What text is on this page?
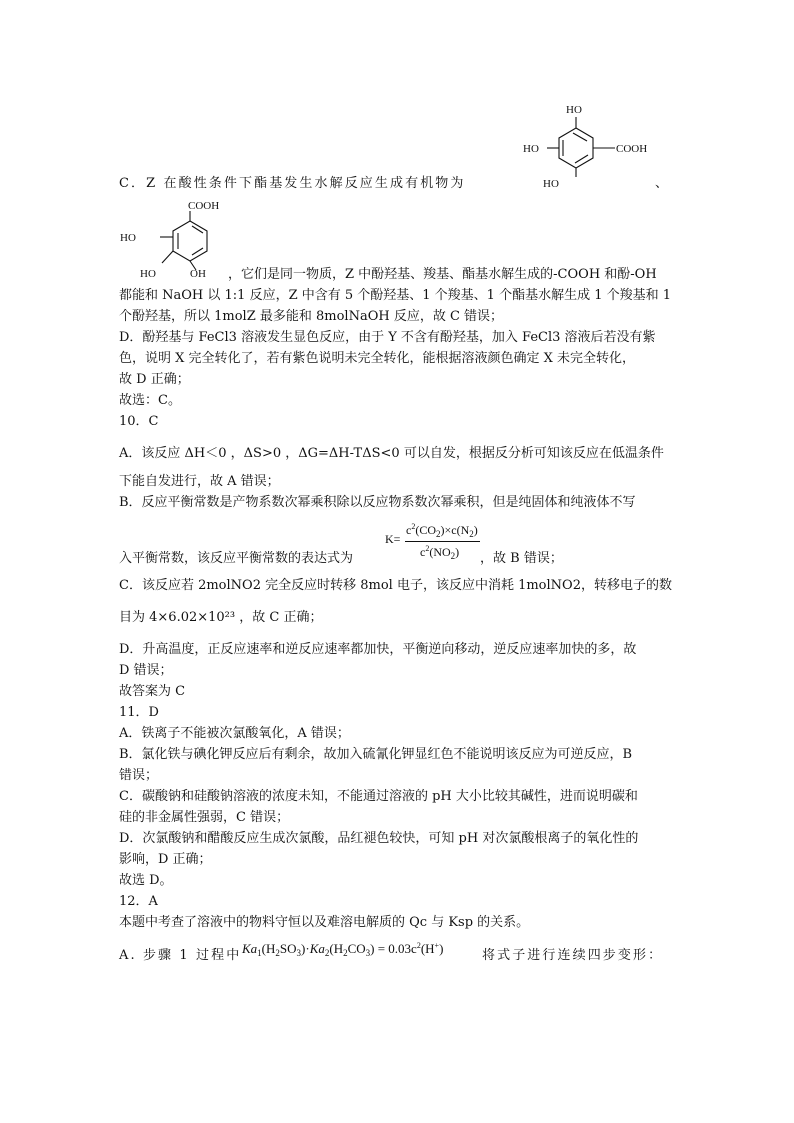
HO
HO
HO
COOH

C．Z 在酸性条件下酯基发生水解反应生成有机物为	、
COOH
HO
HO	OH ，它们是同一物质，Z 中酚羟基、羧基、酯基水解生成的-COOH 和酚-OH

都能和 NaOH 以 1:1 反应，Z 中含有 5 个酚羟基、1 个羧基、1 个酯基水解生成 1 个羧基和 1

个酚羟基，所以 1molZ 最多能和 8molNaOH 反应，故 C 错误；

D．酚羟基与 FeCl3 溶液发生显色反应，由于 Y 不含有酚羟基，加入 FeCl3 溶液后若没有紫

色，说明 X 完全转化了，若有紫色说明未完全转化，能根据溶液颜色确定 X 未完全转化，

故 D 正确；

故选：C。

10．C

A．该反应 ΔH＜0 ，ΔS>0 ，ΔG=ΔH-TΔS<0 可以自发，根据反分析可知该反应在低温条件

下能自发进行，故 A 错误；

B．反应平衡常数是产物系数次幂乘积除以反应物系数次幂乘积，但是纯固体和纯液体不写

K=
$c^2(CO_2)\times c(N_2)$
$c^2(NO_2)$

入平衡常数，该反应平衡常数的表达式为	，故 B 错误；

C．该反应若 2molNO2 完全反应时转移 8mol 电子，该反应中消耗 1molNO2，转移电子的数

目为 4×6.02×10²³ ，故 C 正确；

D．升高温度，正反应速率和逆反应速率都加快，平衡逆向移动，逆反应速率加快的多，故

D 错误；

故答案为 C

11．D

A．铁离子不能被次氯酸氧化，A 错误；

B．氯化铁与碘化钾反应后有剩余，故加入硫氰化钾显红色不能说明该反应为可逆反应，B

错误；

C．碳酸钠和硅酸钠溶液的浓度未知，不能通过溶液的 pH 大小比较其碱性，进而说明碳和

硅的非金属性强弱，C 错误；

D．次氯酸钠和醋酸反应生成次氯酸，品红褪色较快，可知 pH 对次氯酸根离子的氧化性的

影响，D 正确；

故选 D。

12．A

本题中考查了溶液中的物料守恒以及难溶电解质的 Qc 与 Ksp 的关系。

A. 步骤 1 过程中 $Ka_1(H_2SO_3)\cdot Ka_2(H_2CO_3) = 0.03c^2(H^+)$	将式子进行连续四步变形：
